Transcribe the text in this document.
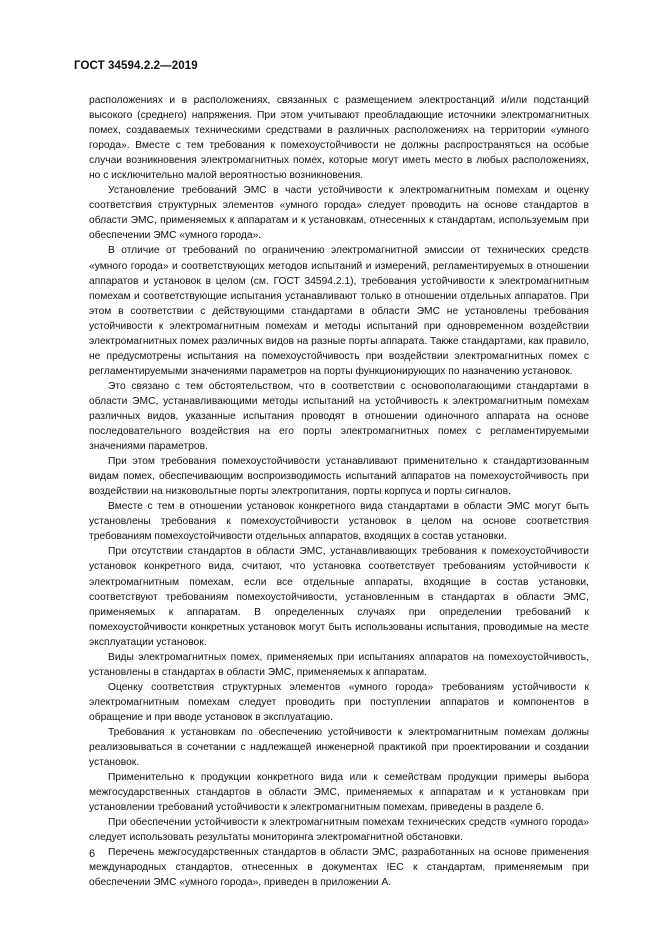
ГОСТ 34594.2.2—2019

расположениях и в расположениях, связанных с размещением электростанций и/или подстанций высокого (среднего) напряжения. При этом учитывают преобладающие источники электромагнитных помех, создаваемых техническими средствами в различных расположениях на территории «умного города». Вместе с тем требования к помехоустойчивости не должны распространяться на особые случаи возникновения электромагнитных помех, которые могут иметь место в любых расположениях, но с исключительно малой вероятностью возникновения.

Установление требований ЭМС в части устойчивости к электромагнитным помехам и оценку соответствия структурных элементов «умного города» следует проводить на основе стандартов в области ЭМС, применяемых к аппаратам и к установкам, отнесенных к стандартам, используемым при обеспечении ЭМС «умного города».

В отличие от требований по ограничению электромагнитной эмиссии от технических средств «умного города» и соответствующих методов испытаний и измерений, регламентируемых в отношении аппаратов и установок в целом (см. ГОСТ 34594.2.1), требования устойчивости к электромагнитным помехам и соответствующие испытания устанавливают только в отношении отдельных аппаратов. При этом в соответствии с действующими стандартами в области ЭМС не установлены требования устойчивости к электромагнитным помехам и методы испытаний при одновременном воздействии электромагнитных помех различных видов на разные порты аппарата. Также стандартами, как правило, не предусмотрены испытания на помехоустойчивость при воздействии электромагнитных помех с регламентируемыми значениями параметров на порты функционирующих по назначению установок.

Это связано с тем обстоятельством, что в соответствии с основополагающими стандартами в области ЭМС, устанавливающими методы испытаний на устойчивость к электромагнитным помехам различных видов, указанные испытания проводят в отношении одиночного аппарата на основе последовательного воздействия на его порты электромагнитных помех с регламентируемыми значениями параметров.

При этом требования помехоустойчивости устанавливают применительно к стандартизованным видам помех, обеспечивающим воспроизводимость испытаний аппаратов на помехоустойчивость при воздействии на низковольтные порты электропитания, порты корпуса и порты сигналов.

Вместе с тем в отношении установок конкретного вида стандартами в области ЭМС могут быть установлены требования к помехоустойчивости установок в целом на основе соответствия требованиям помехоустойчивости отдельных аппаратов, входящих в состав установки.

При отсутствии стандартов в области ЭМС, устанавливающих требования к помехоустойчивости установок конкретного вида, считают, что установка соответствует требованиям устойчивости к электромагнитным помехам, если все отдельные аппараты, входящие в состав установки, соответствуют требованиям помехоустойчивости, установленным в стандартах в области ЭМС, применяемых к аппаратам. В определенных случаях при определении требований к помехоустойчивости конкретных установок могут быть использованы испытания, проводимые на месте эксплуатации установок.

Виды электромагнитных помех, применяемых при испытаниях аппаратов на помехоустойчивость, установлены в стандартах в области ЭМС, применяемых к аппаратам.

Оценку соответствия структурных элементов «умного города» требованиям устойчивости к электромагнитным помехам следует проводить при поступлении аппаратов и компонентов в обращение и при вводе установок в эксплуатацию.

Требования к установкам по обеспечению устойчивости к электромагнитным помехам должны реализовываться в сочетании с надлежащей инженерной практикой при проектировании и создании установок.

Применительно к продукции конкретного вида или к семействам продукции примеры выбора межгосударственных стандартов в области ЭМС, применяемых к аппаратам и к установкам при установлении требований устойчивости к электромагнитным помехам, приведены в разделе 6.

При обеспечении устойчивости к электромагнитным помехам технических средств «умного города» следует использовать результаты мониторинга электромагнитной обстановки.

Перечень межгосударственных стандартов в области ЭМС, разработанных на основе применения международных стандартов, отнесенных в документах IEC к стандартам, применяемым при обеспечении ЭМС «умного города», приведен в приложении А.

6
